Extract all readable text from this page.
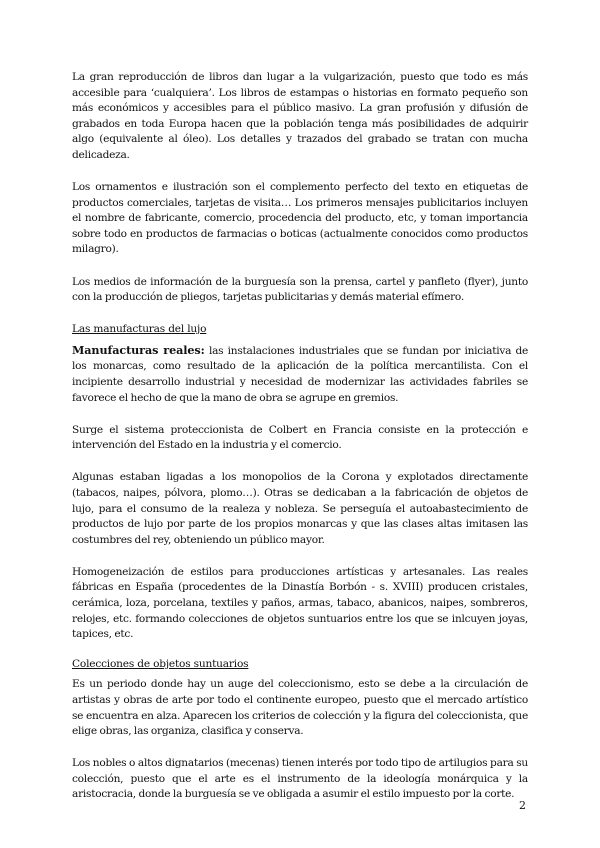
La gran reproducción de libros dan lugar a la vulgarización, puesto que todo es más accesible para ‘cualquiera’. Los libros de estampas o historias en formato pequeño son más económicos y accesibles para el público masivo. La gran profusión y difusión de grabados en toda Europa hacen que la población tenga más posibilidades de adquirir algo (equivalente al óleo). Los detalles y trazados del grabado se tratan con mucha delicadeza.

Los ornamentos e ilustración son el complemento perfecto del texto en etiquetas de productos comerciales, tarjetas de visita… Los primeros mensajes publicitarios incluyen el nombre de fabricante, comercio, procedencia del producto, etc, y toman importancia sobre todo en productos de farmacias o boticas (actualmente conocidos como productos milagro).

Los medios de información de la burguesía son la prensa, cartel y panfleto (flyer), junto con la producción de pliegos, tarjetas publicitarias y demás material efímero.

Las manufacturas del lujo

Manufacturas reales: las instalaciones industriales que se fundan por iniciativa de los monarcas, como resultado de la aplicación de la política mercantilista. Con el incipiente desarrollo industrial y necesidad de modernizar las actividades fabriles se favorece el hecho de que la mano de obra se agrupe en gremios.

Surge el sistema proteccionista de Colbert en Francia consiste en la protección e intervención del Estado en la industria y el comercio.

Algunas estaban ligadas a los monopolios de la Corona y explotados directamente (tabacos, naipes, pólvora, plomo…). Otras se dedicaban a la fabricación de objetos de lujo, para el consumo de la realeza y nobleza. Se perseguía el autoabastecimiento de productos de lujo por parte de los propios monarcas y que las clases altas imitasen las costumbres del rey, obteniendo un público mayor.

Homogeneización de estilos para producciones artísticas y artesanales. Las reales fábricas en España (procedentes de la Dinastía Borbón - s. XVIII) producen cristales, cerámica, loza, porcelana, textiles y paños, armas, tabaco, abanicos, naipes, sombreros, relojes, etc. formando colecciones de objetos suntuarios entre los que se inlcuyen joyas, tapices, etc.

Colecciones de objetos suntuarios

Es un periodo donde hay un auge del coleccionismo, esto se debe a la circulación de artistas y obras de arte por todo el continente europeo, puesto que el mercado artístico se encuentra en alza. Aparecen los criterios de colección y la figura del coleccionista, que elige obras, las organiza, clasifica y conserva.

Los nobles o altos dignatarios (mecenas) tienen interés por todo tipo de artilugios para su colección, puesto que el arte es el instrumento de la ideología monárquica y la aristocracia, donde la burguesía se ve obligada a asumir el estilo impuesto por la corte.

2
